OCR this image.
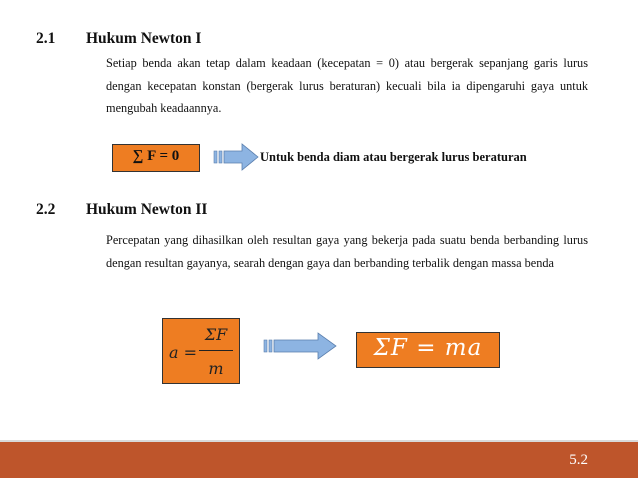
2.1 Hukum Newton I
Setiap benda akan tetap dalam keadaan (kecepatan = 0) atau bergerak sepanjang garis lurus dengan kecepatan konstan (bergerak lurus beraturan) kecuali bila ia dipengaruhi gaya untuk mengubah keadaannya.
∑ F = 0	Untuk benda diam atau bergerak lurus beraturan
2.2 Hukum Newton II
Percepatan yang dihasilkan oleh resultan gaya yang bekerja pada suatu benda berbanding lurus dengan resultan gayanya, searah dengan gaya dan berbanding terbalik dengan massa benda
a =
ΣF
m
ΣF = ma
5.2
